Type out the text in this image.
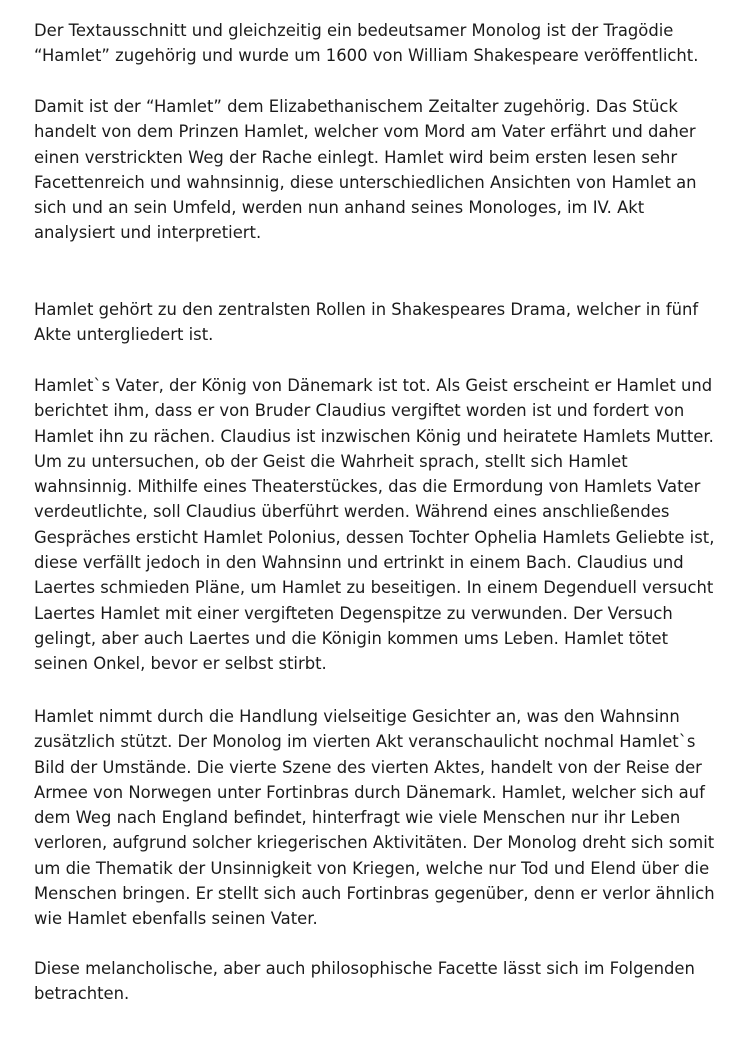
Der Textausschnitt und gleichzeitig ein bedeutsamer Monolog ist der Tragödie “Hamlet” zugehörig und wurde um 1600 von William Shakespeare veröffentlicht.

Damit ist der “Hamlet” dem Elizabethanischem Zeitalter zugehörig. Das Stück handelt von dem Prinzen Hamlet, welcher vom Mord am Vater erfährt und daher einen verstrickten Weg der Rache einlegt. Hamlet wird beim ersten lesen sehr Facettenreich und wahnsinnig, diese unterschiedlichen Ansichten von Hamlet an sich und an sein Umfeld, werden nun anhand seines Monologes, im IV. Akt analysiert und interpretiert.

Hamlet gehört zu den zentralsten Rollen in Shakespeares Drama, welcher in fünf Akte untergliedert ist.

Hamlet`s Vater, der König von Dänemark ist tot. Als Geist erscheint er Hamlet und berichtet ihm, dass er von Bruder Claudius vergiftet worden ist und fordert von Hamlet ihn zu rächen. Claudius ist inzwischen König und heiratete Hamlets Mutter. Um zu untersuchen, ob der Geist die Wahrheit sprach, stellt sich Hamlet wahnsinnig. Mithilfe eines Theaterstückes, das die Ermordung von Hamlets Vater verdeutlichte, soll Claudius überführt werden. Während eines anschließendes Gespräches ersticht Hamlet Polonius, dessen Tochter Ophelia Hamlets Geliebte ist, diese verfällt jedoch in den Wahnsinn und ertrinkt in einem Bach. Claudius und Laertes schmieden Pläne, um Hamlet zu beseitigen. In einem Degenduell versucht Laertes Hamlet mit einer vergifteten Degenspitze zu verwunden. Der Versuch gelingt, aber auch Laertes und die Königin kommen ums Leben. Hamlet tötet seinen Onkel, bevor er selbst stirbt.

Hamlet nimmt durch die Handlung vielseitige Gesichter an, was den Wahnsinn zusätzlich stützt. Der Monolog im vierten Akt veranschaulicht nochmal Hamlet`s Bild der Umstände. Die vierte Szene des vierten Aktes, handelt von der Reise der Armee von Norwegen unter Fortinbras durch Dänemark. Hamlet, welcher sich auf dem Weg nach England befindet, hinterfragt wie viele Menschen nur ihr Leben verloren, aufgrund solcher kriegerischen Aktivitäten. Der Monolog dreht sich somit um die Thematik der Unsinnigkeit von Kriegen, welche nur Tod und Elend über die Menschen bringen. Er stellt sich auch Fortinbras gegenüber, denn er verlor ähnlich wie Hamlet ebenfalls seinen Vater.

Diese melancholische, aber auch philosophische Facette lässt sich im Folgenden betrachten.
